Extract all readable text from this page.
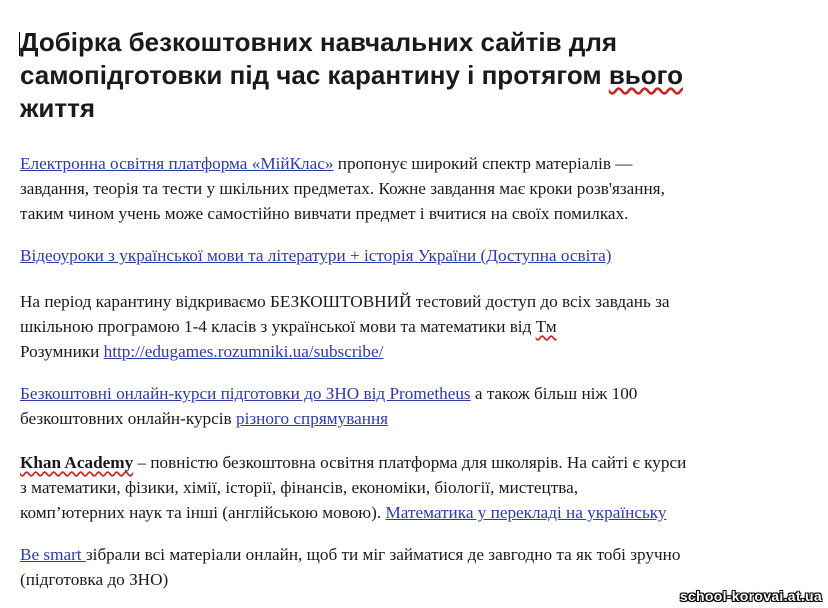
Добірка безкоштовних навчальних сайтів для
самопідготовки під час карантину і протягом вього
життя
Електронна освітня платформа «МійКлас» пропонує широкий спектр матеріалів —
завдання, теорія та тести у шкільних предметах. Кожне завдання має кроки розв'язання,
таким чином учень може самостійно вивчати предмет і вчитися на своїх помилках.
Відеоуроки з української мови та літератури + історія України (Доступна освіта)
На період карантину відкриваємо БЕЗКОШТОВНИЙ тестовий доступ до всіх завдань за
шкільною програмою 1-4 класів з української мови та математики від Тм
Розумники http://edugames.rozumniki.ua/subscribe/
Безкоштовні онлайн-курси підготовки до ЗНО від Prometheus а також більш ніж 100
безкоштовних онлайн-курсів різного спрямування
Khan Academy – повністю безкоштовна освітня платформа для школярів. На сайті є курси
з математики, фізики, хімії, історії, фінансів, економіки, біології, мистецтва,
комп’ютерних наук та інші (англійською мовою). Математика у перекладі на українську
Be smart зібрали всі матеріали онлайн, щоб ти міг займатися де завгодно та як тобі зручно
(підготовка до ЗНО)
school-korovai.at.ua
